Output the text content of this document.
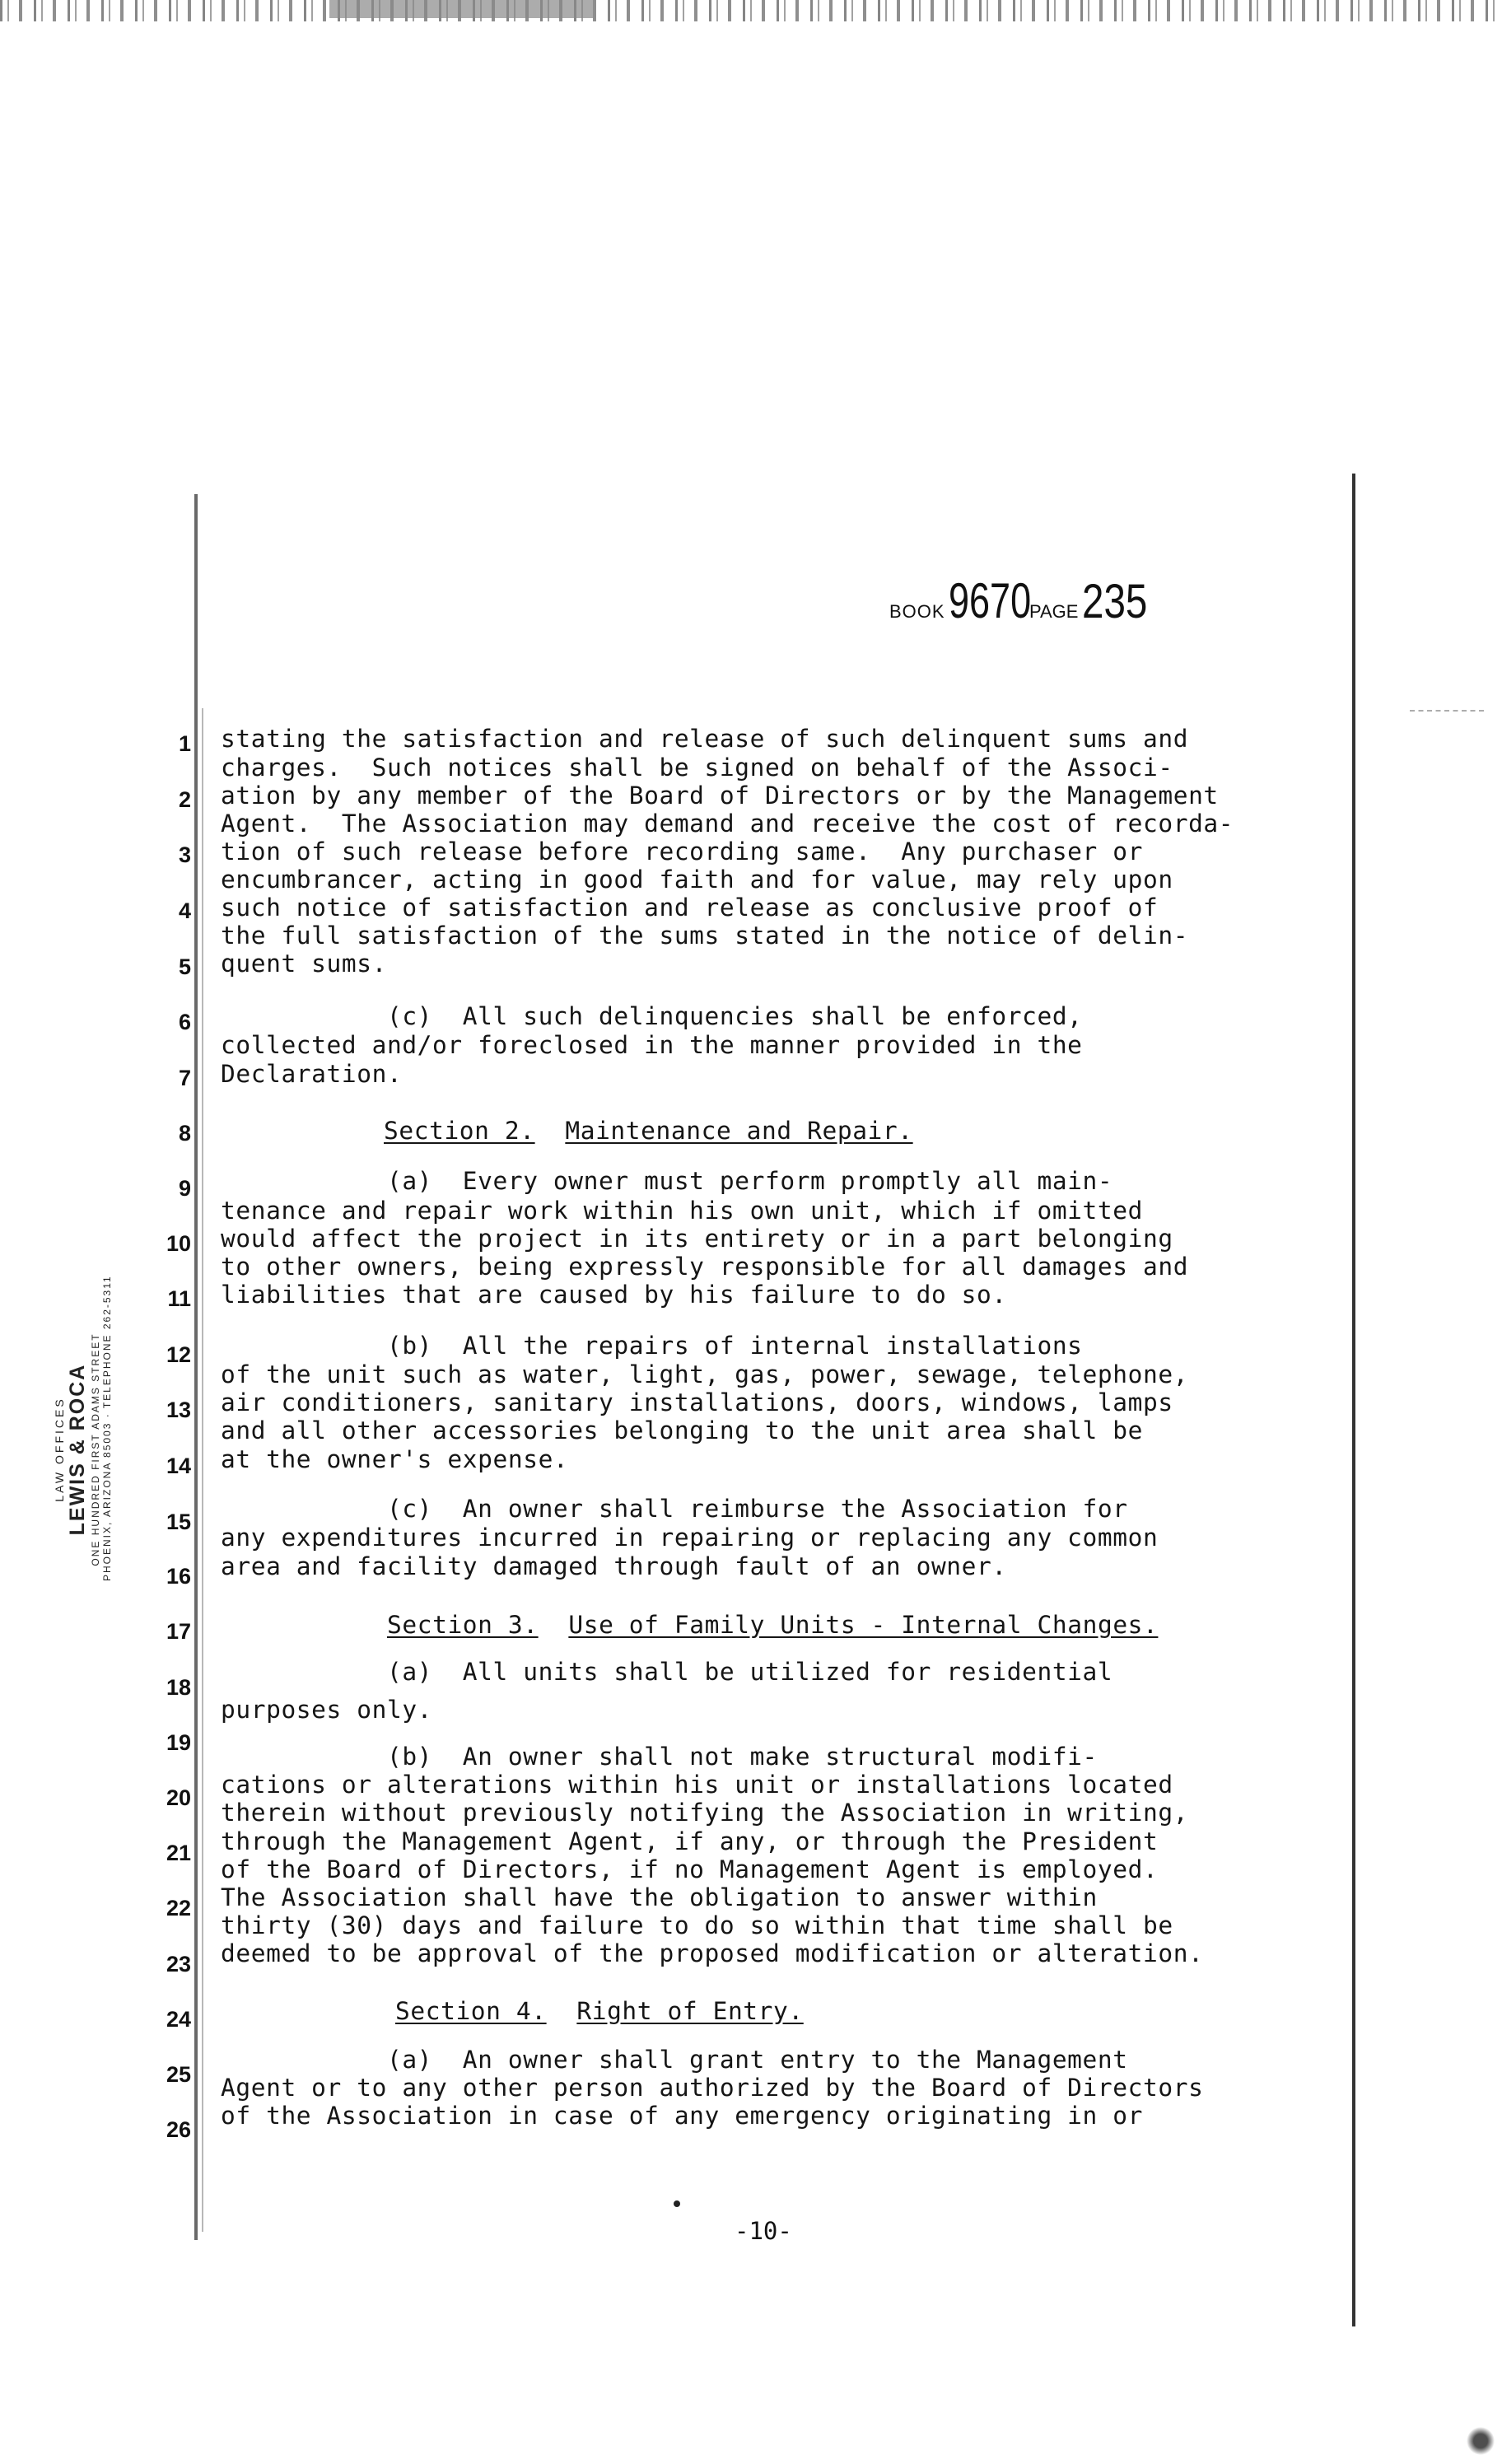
BOOK 9670 PAGE 235
LAW OFFICES LEWIS & ROCA ONE HUNDRED FIRST ADAMS STREET PHOENIX, ARIZONA 85003 · TELEPHONE 262-5311
1
2
3
4
5
6
7
8
9
10
11
12
13
14
15
16
17
18
19
20
21
22
23
24
25
26
stating the satisfaction and release of such delinquent sums and
charges.  Such notices shall be signed on behalf of the Associ-
ation by any member of the Board of Directors or by the Management
Agent.  The Association may demand and receive the cost of recorda-
tion of such release before recording same.  Any purchaser or
encumbrancer, acting in good faith and for value, may rely upon
such notice of satisfaction and release as conclusive proof of
the full satisfaction of the sums stated in the notice of delin-
quent sums.
(c)  All such delinquencies shall be enforced,
collected and/or foreclosed in the manner provided in the
Declaration.
Section 2. Maintenance and Repair.
(a)  Every owner must perform promptly all main-
tenance and repair work within his own unit, which if omitted
would affect the project in its entirety or in a part belonging
to other owners, being expressly responsible for all damages and
liabilities that are caused by his failure to do so.
(b)  All the repairs of internal installations
of the unit such as water, light, gas, power, sewage, telephone,
air conditioners, sanitary installations, doors, windows, lamps
and all other accessories belonging to the unit area shall be
at the owner's expense.
(c)  An owner shall reimburse the Association for
any expenditures incurred in repairing or replacing any common
area and facility damaged through fault of an owner.
Section 3. Use of Family Units - Internal Changes.
(a)  All units shall be utilized for residential
purposes only.
(b)  An owner shall not make structural modifi-
cations or alterations within his unit or installations located
therein without previously notifying the Association in writing,
through the Management Agent, if any, or through the President
of the Board of Directors, if no Management Agent is employed.
The Association shall have the obligation to answer within
thirty (30) days and failure to do so within that time shall be
deemed to be approval of the proposed modification or alteration.
Section 4. Right of Entry.
(a)  An owner shall grant entry to the Management
Agent or to any other person authorized by the Board of Directors
of the Association in case of any emergency originating in or
-10-
